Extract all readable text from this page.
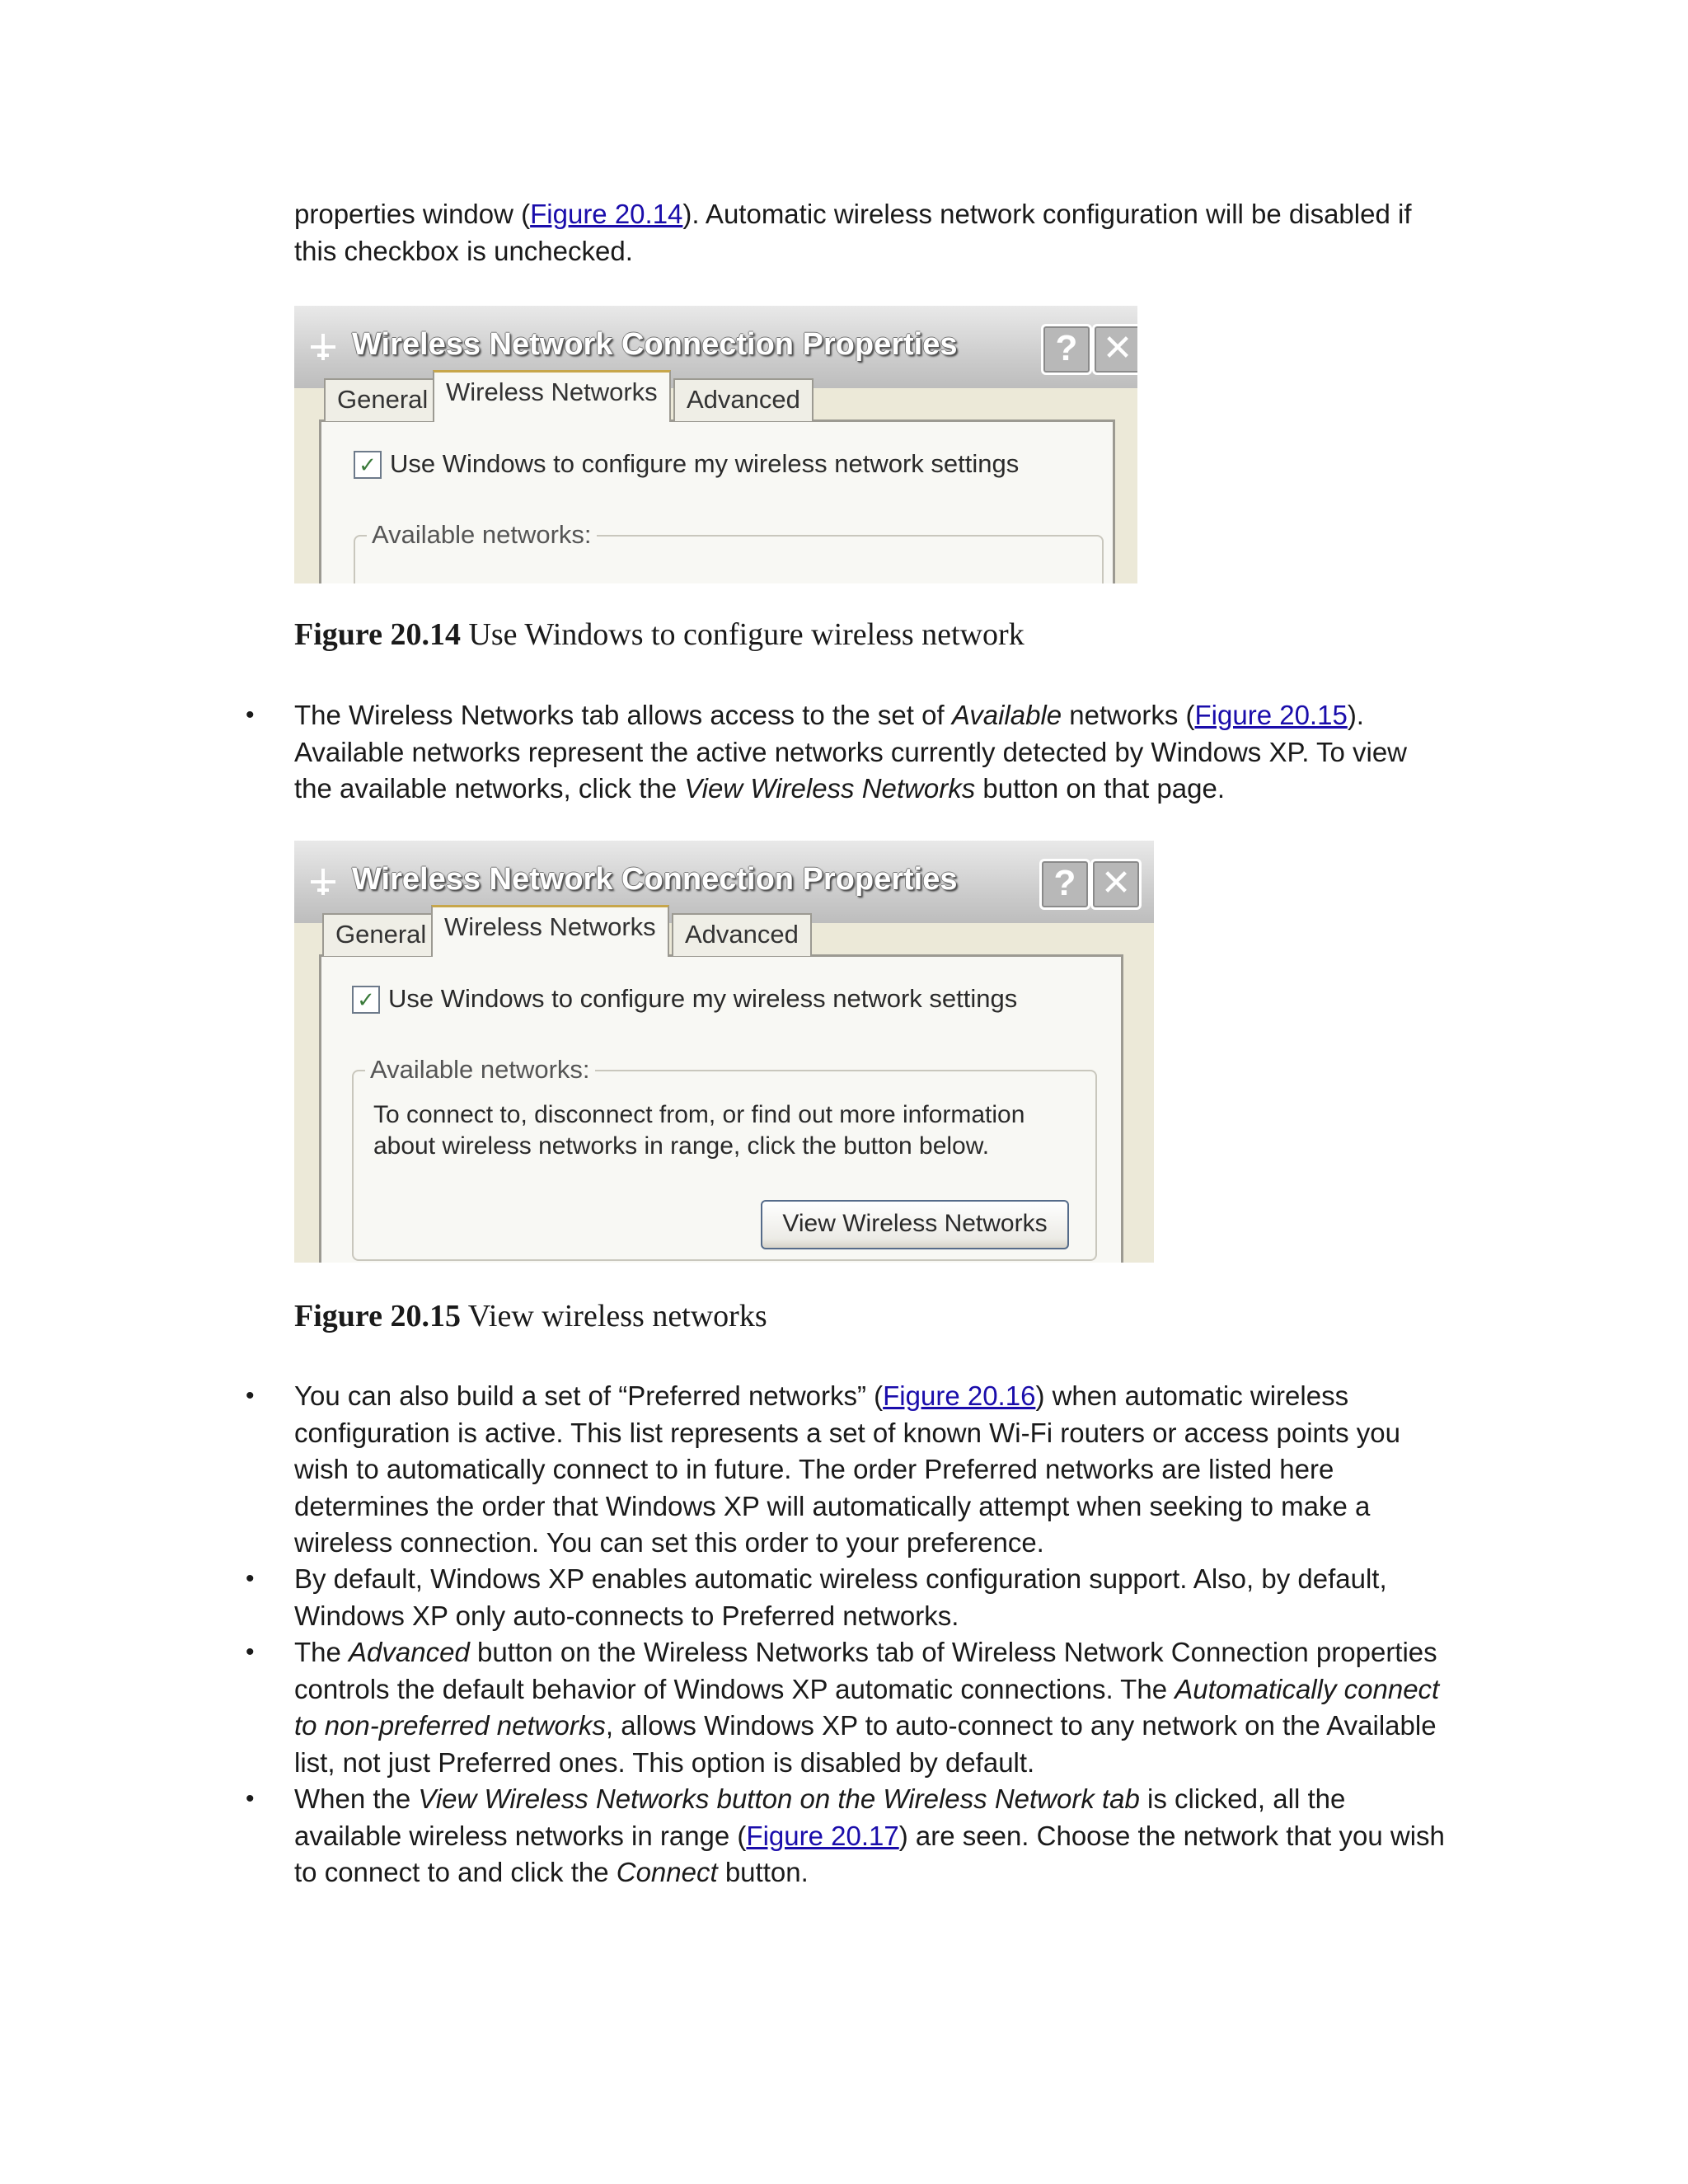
properties window (Figure 20.14). Automatic wireless network configuration will be disabled if
this checkbox is unchecked.
Wireless Network Connection Properties	? ✕
General Wireless Networks	Advanced
✓ Use Windows to configure my wireless network settings
Available networks:
Figure 20.14 Use Windows to configure wireless network
• The Wireless Networks tab allows access to the set of Available networks (Figure 20.15).
Available networks represent the active networks currently detected by Windows XP. To view
the available networks, click the View Wireless Networks button on that page.
Wireless Network Connection Properties	? ✕
General Wireless Networks	Advanced
✓ Use Windows to configure my wireless network settings
Available networks:
To connect to, disconnect from, or find out more information
about wireless networks in range, click the button below.
View Wireless Networks
Figure 20.15 View wireless networks
• You can also build a set of “Preferred networks” (Figure 20.16) when automatic wireless
configuration is active. This list represents a set of known Wi-Fi routers or access points you
wish to automatically connect to in future. The order Preferred networks are listed here
determines the order that Windows XP will automatically attempt when seeking to make a
wireless connection. You can set this order to your preference.
• By default, Windows XP enables automatic wireless configuration support. Also, by default,
Windows XP only auto-connects to Preferred networks.
• The Advanced button on the Wireless Networks tab of Wireless Network Connection properties
controls the default behavior of Windows XP automatic connections. The Automatically connect
to non-preferred networks, allows Windows XP to auto-connect to any network on the Available
list, not just Preferred ones. This option is disabled by default.
• When the View Wireless Networks button on the Wireless Network tab is clicked, all the
available wireless networks in range (Figure 20.17) are seen. Choose the network that you wish
to connect to and click the Connect button.
